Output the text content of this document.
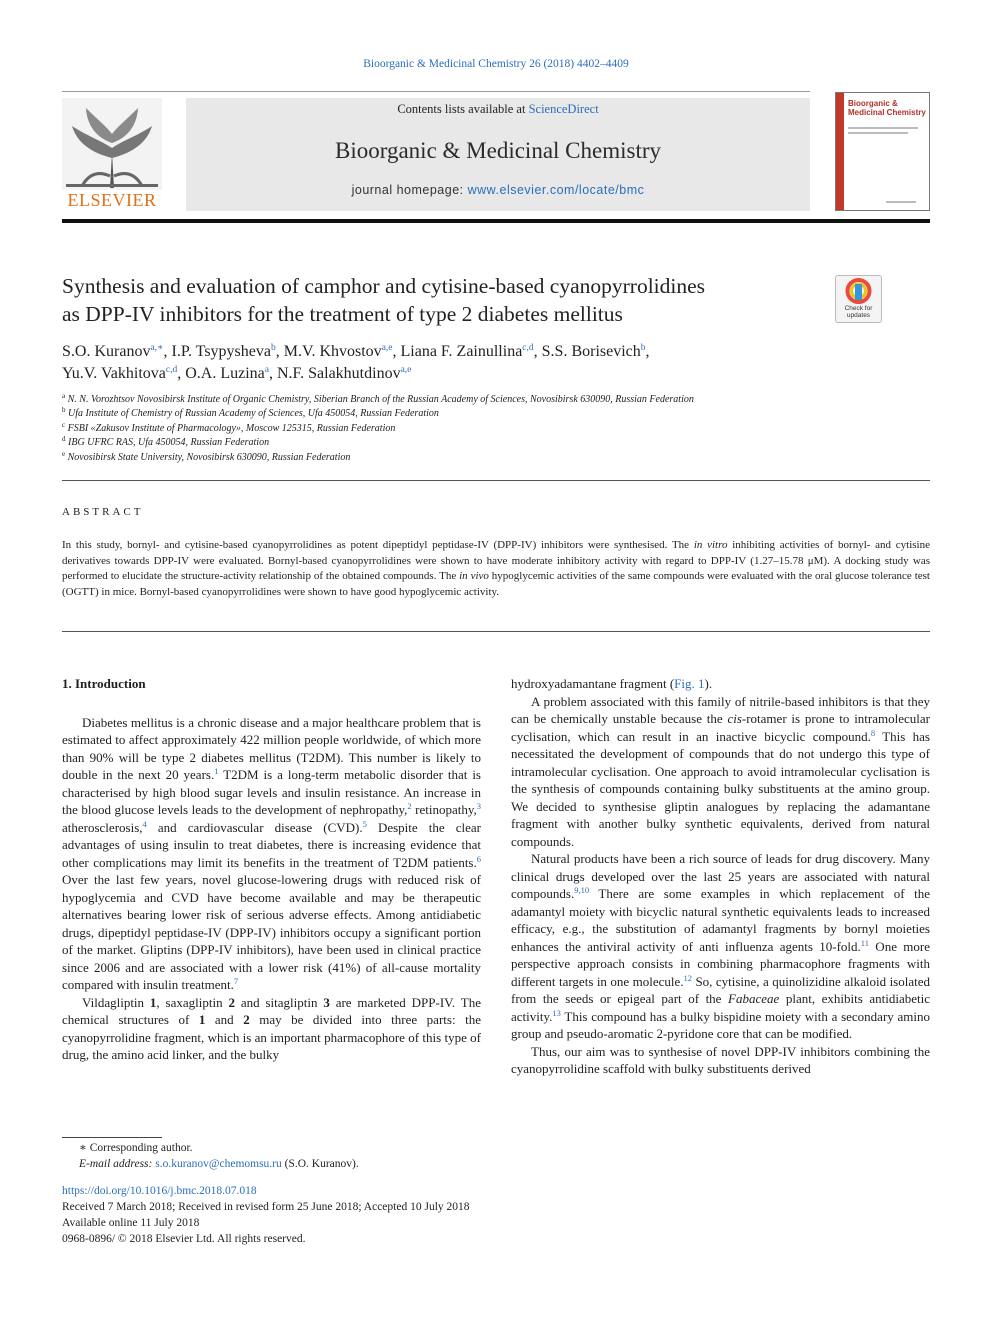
Bioorganic & Medicinal Chemistry 26 (2018) 4402–4409
ELSEVIER
Contents lists available at ScienceDirect
Bioorganic & Medicinal Chemistry
journal homepage: www.elsevier.com/locate/bmc
Bioorganic & Medicinal Chemistry
Synthesis and evaluation of camphor and cytisine-based cyanopyrrolidines
as DPP-IV inhibitors for the treatment of type 2 diabetes mellitus	Check for updates
S.O. Kuranov$^{a,∗}$, I.P. Tsypysheva$^b$, M.V. Khvostov$^{a,e}$, Liana F. Zainullina$^{c,d}$, S.S. Borisevich$^b$,
Yu.V. Vakhitova$^{c,d}$, O.A. Luzina$^a$, N.F. Salakhutdinov$^{a,e}$
$^a$ N. N. Vorozhtsov Novosibirsk Institute of Organic Chemistry, Siberian Branch of the Russian Academy of Sciences, Novosibirsk 630090, Russian Federation
$^b$ Ufa Institute of Chemistry of Russian Academy of Sciences, Ufa 450054, Russian Federation
$^c$ FSBI «Zakusov Institute of Pharmacology», Moscow 125315, Russian Federation
$^d$ IBG UFRC RAS, Ufa 450054, Russian Federation
$^e$ Novosibirsk State University, Novosibirsk 630090, Russian Federation
ABSTRACT
In this study, bornyl- and cytisine-based cyanopyrrolidines as potent dipeptidyl peptidase-IV (DPP-IV) inhibitors were synthesised. The in vitro inhibiting activities of bornyl- and cytisine derivatives towards DPP-IV were evaluated. Bornyl-based cyanopyrrolidines were shown to have moderate inhibitory activity with regard to DPP-IV (1.27–15.78 μM). A docking study was performed to elucidate the structure-activity relationship of the obtained compounds. The in vivo hypoglycemic activities of the same compounds were evaluated with the oral glucose tolerance test (OGTT) in mice. Bornyl-based cyanopyrrolidines were shown to have good hypoglycemic activity.
1. Introduction

Diabetes mellitus is a chronic disease and a major healthcare problem that is estimated to affect approximately 422 million people worldwide, of which more than 90% will be type 2 diabetes mellitus (T2DM). This number is likely to double in the next 20 years.$^1$ T2DM is a long-term metabolic disorder that is characterised by high blood sugar levels and insulin resistance. An increase in the blood glucose levels leads to the development of nephropathy,$^2$ retinopathy,$^3$ atherosclerosis,$^4$ and cardiovascular disease (CVD).$^5$ Despite the clear advantages of using insulin to treat diabetes, there is increasing evidence that other complications may limit its benefits in the treatment of T2DM patients.$^6$ Over the last few years, novel glucose-lowering drugs with reduced risk of hypoglycemia and CVD have become available and may be therapeutic alternatives bearing lower risk of serious adverse effects. Among antidiabetic drugs, dipeptidyl peptidase-IV (DPP-IV) inhibitors occupy a significant portion of the market. Gliptins (DPP-IV inhibitors), have been used in clinical practice since 2006 and are associated with a lower risk (41%) of all-cause mortality compared with insulin treatment.$^7$

Vildagliptin 1, saxagliptin 2 and sitagliptin 3 are marketed DPP-IV. The chemical structures of 1 and 2 may be divided into three parts: the cyanopyrrolidine fragment, which is an important pharmacophore of this type of drug, the amino acid linker, and the bulky

hydroxyadamantane fragment (Fig. 1).

A problem associated with this family of nitrile-based inhibitors is that they can be chemically unstable because the cis-rotamer is prone to intramolecular cyclisation, which can result in an inactive bicyclic compound.$^8$ This has necessitated the development of compounds that do not undergo this type of intramolecular cyclisation. One approach to avoid intramolecular cyclisation is the synthesis of compounds containing bulky substituents at the amino group. We decided to synthesise gliptin analogues by replacing the adamantane fragment with another bulky synthetic equivalents, derived from natural compounds.

Natural products have been a rich source of leads for drug discovery. Many clinical drugs developed over the last 25 years are associated with natural compounds.$^{9,10}$ There are some examples in which replacement of the adamantyl moiety with bicyclic natural synthetic equivalents leads to increased efficacy, e.g., the substitution of adamantyl fragments by bornyl moieties enhances the antiviral activity of anti influenza agents 10-fold.$^{11}$ One more perspective approach consists in combining pharmacophore fragments with different targets in one molecule.$^{12}$ So, cytisine, a quinolizidine alkaloid isolated from the seeds or epigeal part of the Fabaceae plant, exhibits antidiabetic activity.$^{13}$ This compound has a bulky bispidine moiety with a secondary amino group and pseudo-aromatic 2-pyridone core that can be modified.

Thus, our aim was to synthesise of novel DPP-IV inhibitors combining the cyanopyrrolidine scaffold with bulky substituents derived

∗ Corresponding author.
E-mail address: s.o.kuranov@chemomsu.ru (S.O. Kuranov).
https://doi.org/10.1016/j.bmc.2018.07.018
Received 7 March 2018; Received in revised form 25 June 2018; Accepted 10 July 2018
Available online 11 July 2018
0968-0896/ © 2018 Elsevier Ltd. All rights reserved.
